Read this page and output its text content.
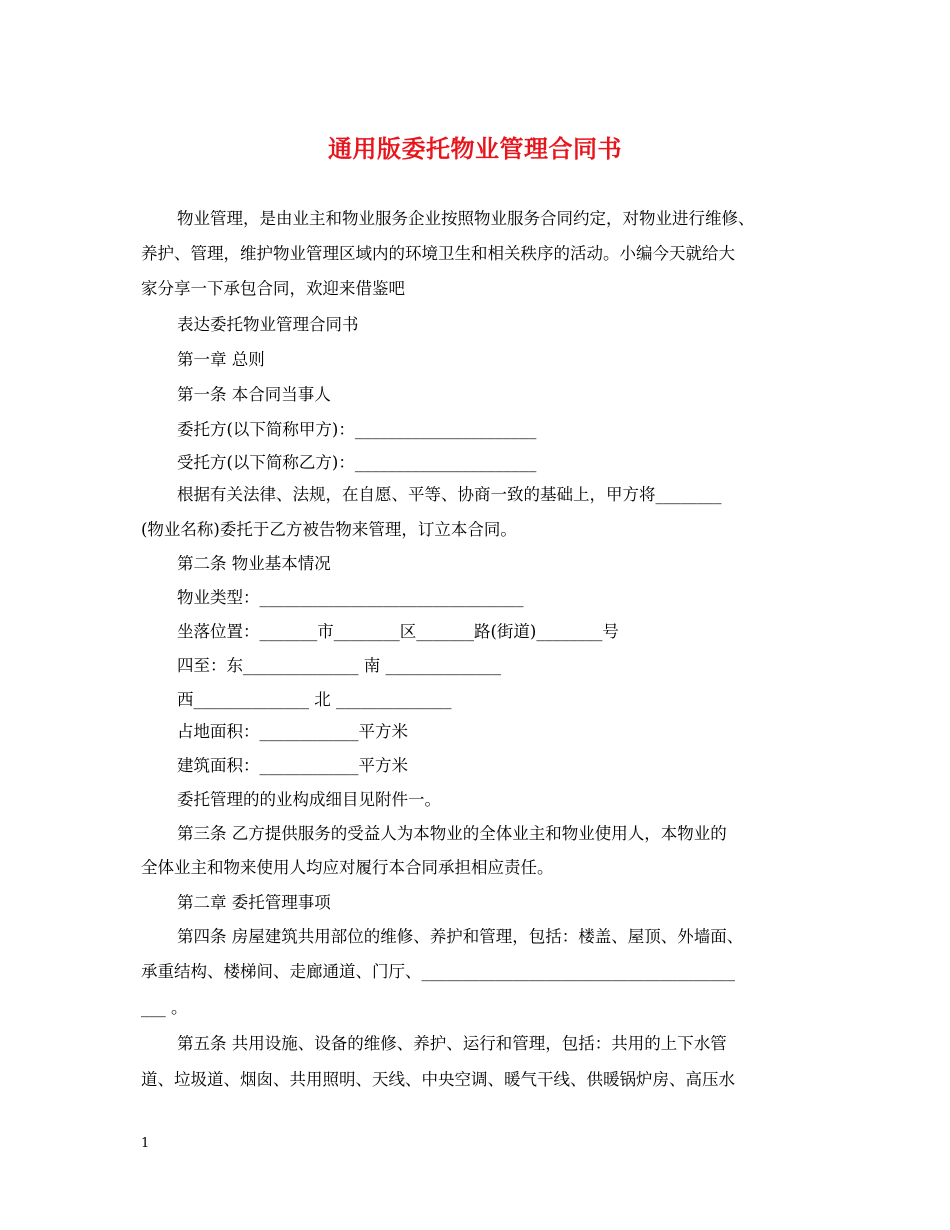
通用版委托物业管理合同书
物业管理，是由业主和物业服务企业按照物业服务合同约定，对物业进行维修、
养护、管理，维护物业管理区域内的环境卫生和相关秩序的活动。小编今天就给大
家分享一下承包合同，欢迎来借鉴吧
表达委托物业管理合同书
第一章 总则
第一条 本合同当事人
委托方(以下简称甲方)：______________________
受托方(以下简称乙方)：______________________
根据有关法律、法规，在自愿、平等、协商一致的基础上，甲方将________
(物业名称)委托于乙方被告物来管理，订立本合同。
第二条 物业基本情况
物业类型：________________________________
坐落位置：_______市________区_______路(街道)________号
四至：东______________ 南 ______________
西______________ 北 ______________
占地面积：____________平方米
建筑面积：____________平方米
委托管理的的业构成细目见附件一。
第三条 乙方提供服务的受益人为本物业的全体业主和物业使用人，本物业的
全体业主和物来使用人均应对履行本合同承担相应责任。
第二章 委托管理事项
第四条 房屋建筑共用部位的维修、养护和管理，包括：楼盖、屋顶、外墙面、
承重结构、楼梯间、走廊通道、门厅、______________________________________
___ 。
第五条 共用设施、设备的维修、养护、运行和管理，包括：共用的上下水管
道、垃圾道、烟囱、共用照明、天线、中央空调、暖气干线、供暖锅炉房、高压水
1
